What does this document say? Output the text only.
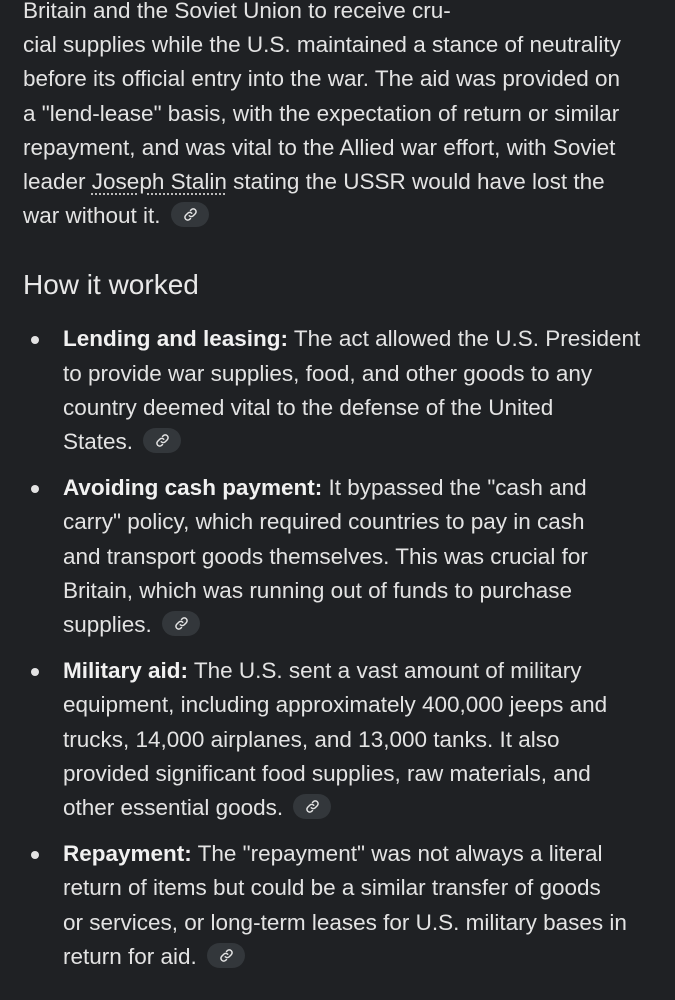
Britain and the Soviet Union to receive cru-
cial supplies while the U.S. maintained a stance of neutrality
before its official entry into the war. The aid was provided on
a "lend-lease" basis, with the expectation of return or similar
repayment, and was vital to the Allied war effort, with Soviet
leader Joseph Stalin stating the USSR would have lost the
war without it.

How it worked
Lending and leasing: The act allowed the U.S. President
to provide war supplies, food, and other goods to any
country deemed vital to the defense of the United
States.
Avoiding cash payment: It bypassed the "cash and
carry" policy, which required countries to pay in cash
and transport goods themselves. This was crucial for
Britain, which was running out of funds to purchase
supplies.
Military aid: The U.S. sent a vast amount of military
equipment, including approximately 400,000 jeeps and
trucks, 14,000 airplanes, and 13,000 tanks. It also
provided significant food supplies, raw materials, and
other essential goods.
Repayment: The "repayment" was not always a literal
return of items but could be a similar transfer of goods
or services, or long-term leases for U.S. military bases in
return for aid.
